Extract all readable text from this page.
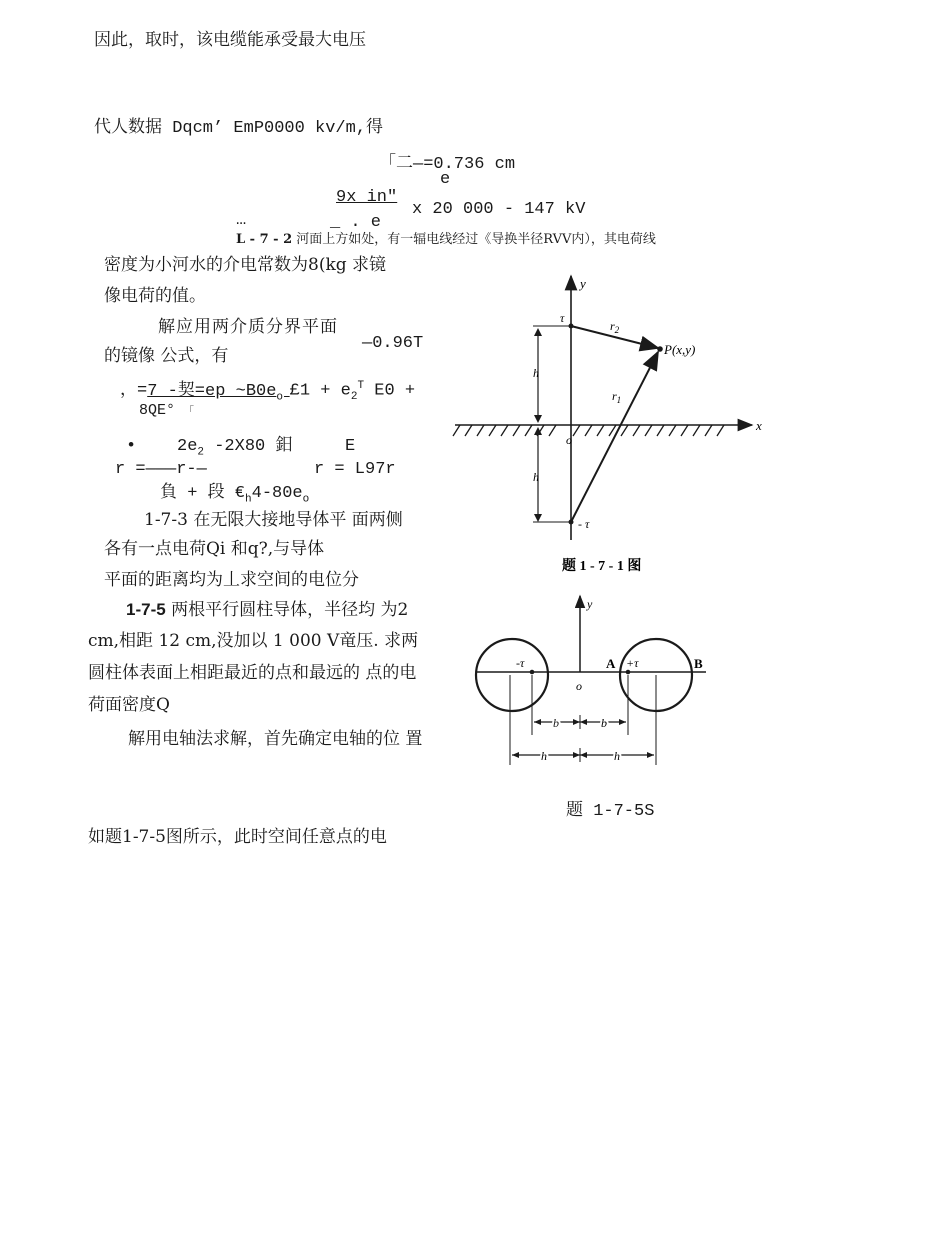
因此，取时，该电缆能承受最大电压
代人数据 Dqcm’ EmP0000 kv/m,得
「二—=0.736 cm
e
…
9x in″
_ . e
x 20 000 - 147 kV
L - 7 - 2 河面上方如处，有一辐电线经过《导换半径RVV内），其电荷线
密度为小河水的介电常数为8(kg 求镜
像电荷的值。
解应用两介质分界平面
—0.96T
的镜像 公式，有
，=7 -契=ep $\sim B0e_o$ £1 + $e_2^T$ E0 +
8QE° 「
• $2e_2$ -2X80 鈤	E
r =———r-—	r = L97r
負 + 段 $€_h4-80e_o$
1-7-3 在无限大接地导体平 面两侧
各有一点电荷Qi 和q?,与导体
平面的距离均为丄求空间的电位分
1-7-5 两根平行圆柱导体，半径均 为2
cm,相距 12 cm,没加以 1 000 V竜压. 求两
圆柱体表面上相距最近的点和最远的 点的电
荷面密度Q
解用电轴法求解，首先确定电轴的位 置
如题1-7-5图所示，此时空间任意点的电
y
x
o
τ
- τ
$r_2$
P(x,y)
$r_1$
h
h
题 1 - 7 - 1 图
y
-τ	+τ
A	B
o
b	b
h	h
题 1-7-5S
